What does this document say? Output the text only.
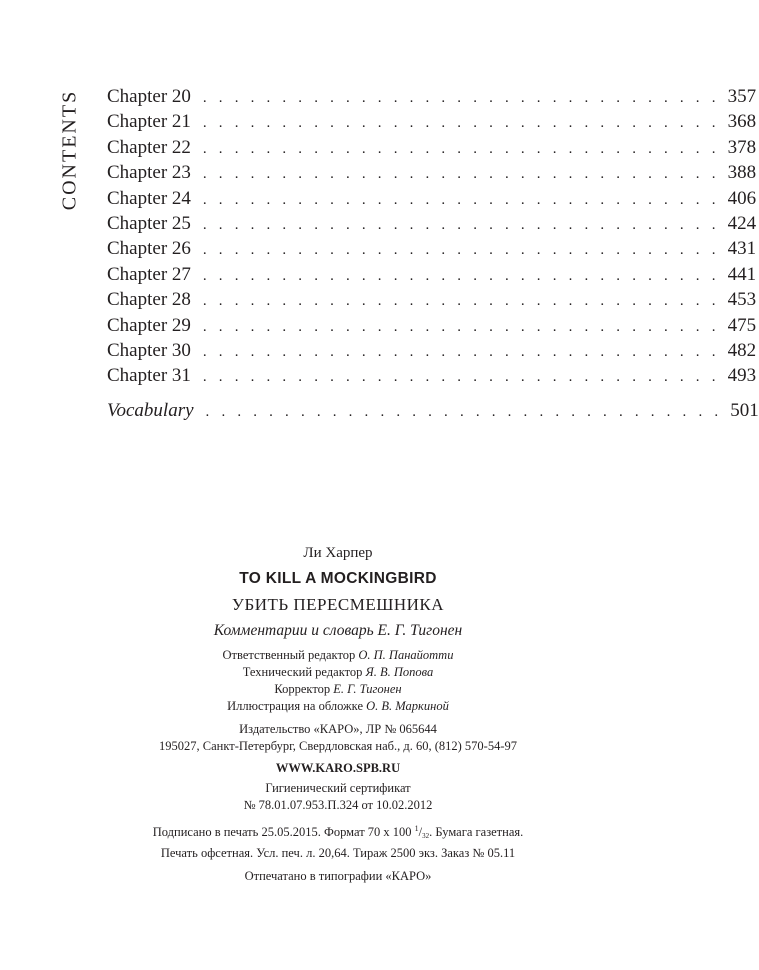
CONTENTS Chapter 20 . . . . . . . . . . . . . . . . . . . . . . . . . . . . . . . . . 357
Chapter 21 . . . . . . . . . . . . . . . . . . . . . . . . . . . . . . . . . 368
Chapter 22 . . . . . . . . . . . . . . . . . . . . . . . . . . . . . . . . . 378
Chapter 23 . . . . . . . . . . . . . . . . . . . . . . . . . . . . . . . . . 388
Chapter 24 . . . . . . . . . . . . . . . . . . . . . . . . . . . . . . . . . 406
Chapter 25 . . . . . . . . . . . . . . . . . . . . . . . . . . . . . . . . . 424
Chapter 26 . . . . . . . . . . . . . . . . . . . . . . . . . . . . . . . . . 431
Chapter 27 . . . . . . . . . . . . . . . . . . . . . . . . . . . . . . . . . 441
Chapter 28 . . . . . . . . . . . . . . . . . . . . . . . . . . . . . . . . . 453
Chapter 29 . . . . . . . . . . . . . . . . . . . . . . . . . . . . . . . . . 475
Chapter 30 . . . . . . . . . . . . . . . . . . . . . . . . . . . . . . . . . 482
Chapter 31 . . . . . . . . . . . . . . . . . . . . . . . . . . . . . . . . . 493
Vocabulary . . . . . . . . . . . . . . . . . . . . . . . . . . . . . . . . . 501
Ли Харпер
TO KILL A MOCKINGBIRD
УБИТЬ ПЕРЕСМЕШНИКА
Комментарии и словарь Е. Г. Тигонен
Ответственный редактор О. П. Панайотти
Технический редактор Я. В. Попова
Корректор Е. Г. Тигонен
Иллюстрация на обложке О. В. Маркиной
Издательство «КАРО», ЛР № 065644
195027, Санкт-Петербург, Свердловская наб., д. 60, (812) 570-54-97
WWW.KARO.SPB.RU
Гигиенический сертификат
№ 78.01.07.953.П.324 от 10.02.2012
Подписано в печать 25.05.2015. Формат 70 x 100 $^1/_{32}$. Бумага газетная.
Печать офсетная. Усл. печ. л. 20,64. Тираж 2500 экз. Заказ № 05.11
Отпечатано в типографии «КАРО»
